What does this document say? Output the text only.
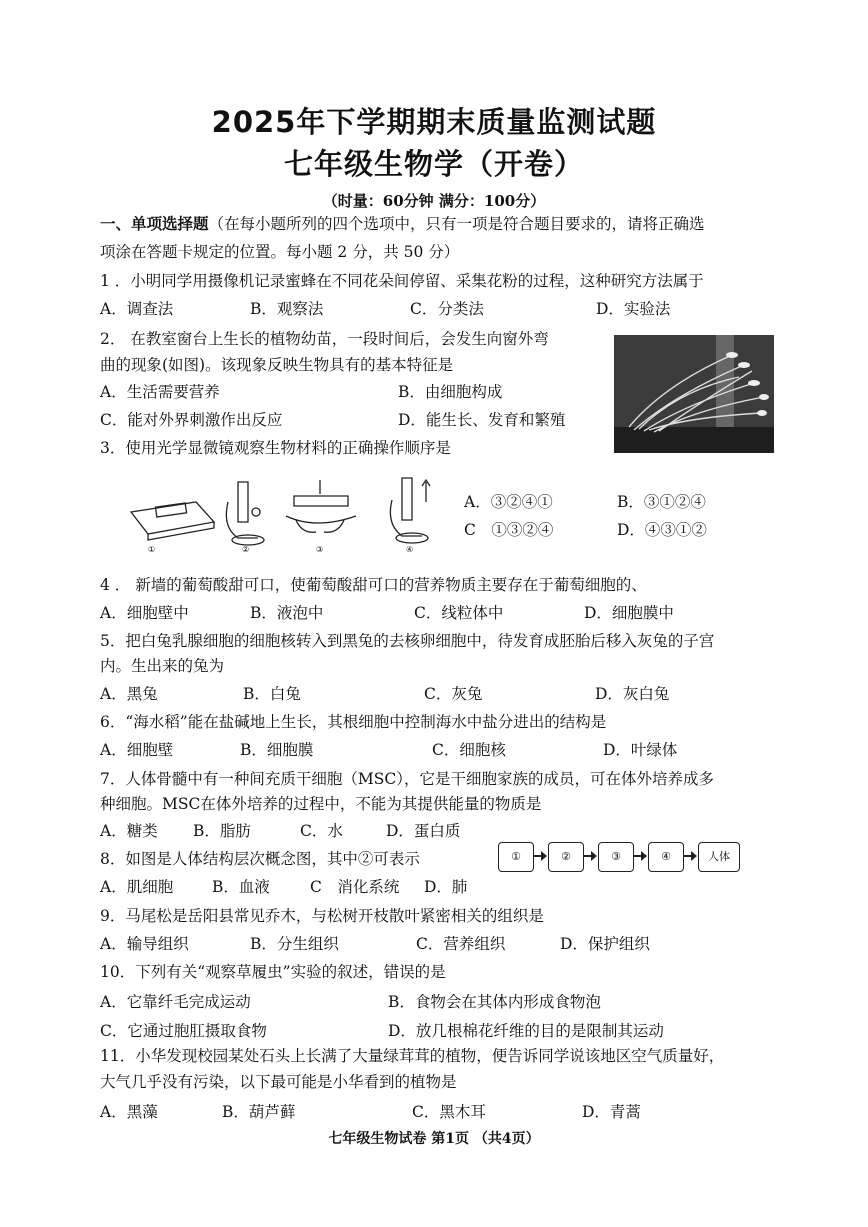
2025年下学期期末质量监测试题
七年级生物学（开卷）
（时量：60分钟 满分：100分）
一、单项选择题（在每小题所列的四个选项中，只有一项是符合题目要求的，请将正确选
项涂在答题卡规定的位置。每小题 2 分，共 50 分）
1 ．小明同学用摄像机记录蜜蜂在不同花朵间停留、采集花粉的过程，这种研究方法属于
A．调查法	B．观察法	C．分类法	D．实验法
2． 在教室窗台上生长的植物幼苗，一段时间后，会发生向窗外弯
曲的现象(如图)。该现象反映生物具有的基本特征是
A．生活需要营养	B．由细胞构成
C．能对外界刺激作出反应	D．能生长、发育和繁殖
3．使用光学显微镜观察生物材料的正确操作顺序是
①	②	③	④
A．③②④①	B．③①②④
C　①③②④	D．④③①②
4 ． 新墙的葡萄酸甜可口，使葡萄酸甜可口的营养物质主要存在于葡萄细胞的、
A．细胞壁中	B．液泡中	C．线粒体中	D．细胞膜中
5．把白兔乳腺细胞的细胞核转入到黑兔的去核卵细胞中，待发育成胚胎后移入灰兔的子宫
内。生出来的兔为
A．黑兔	B．白兔	C．灰兔	D．灰白兔
6．“海水稻”能在盐碱地上生长，其根细胞中控制海水中盐分进出的结构是
A．细胞壁	B．细胞膜	C．细胞核	D．叶绿体
7．人体骨髓中有一种间充质干细胞（MSC），它是干细胞家族的成员，可在体外培养成多
种细胞。MSC在体外培养的过程中，不能为其提供能量的物质是
A．糖类 B．脂肪	C．水	D．蛋白质
8．如图是人体结构层次概念图，其中②可表示	①	②	③	④	人体
A．肌细胞	B．血液	C　消化系统 D．肺
9．马尾松是岳阳县常见乔木，与松树开枝散叶紧密相关的组织是
A．输导组织	B．分生组织	C．营养组织	D．保护组织
10．下列有关“观察草履虫”实验的叙述，错误的是
A．它靠纤毛完成运动	B．食物会在其体内形成食物泡
C．它通过胞肛摄取食物	D．放几根棉花纤维的目的是限制其运动
11．小华发现校园某处石头上长满了大量绿茸茸的植物，便告诉同学说该地区空气质量好，
大气几乎没有污染，以下最可能是小华看到的植物是
A．黑藻	B．葫芦藓	C．黑木耳	D．青蒿
七年级生物试卷 第1页 （共4页）
